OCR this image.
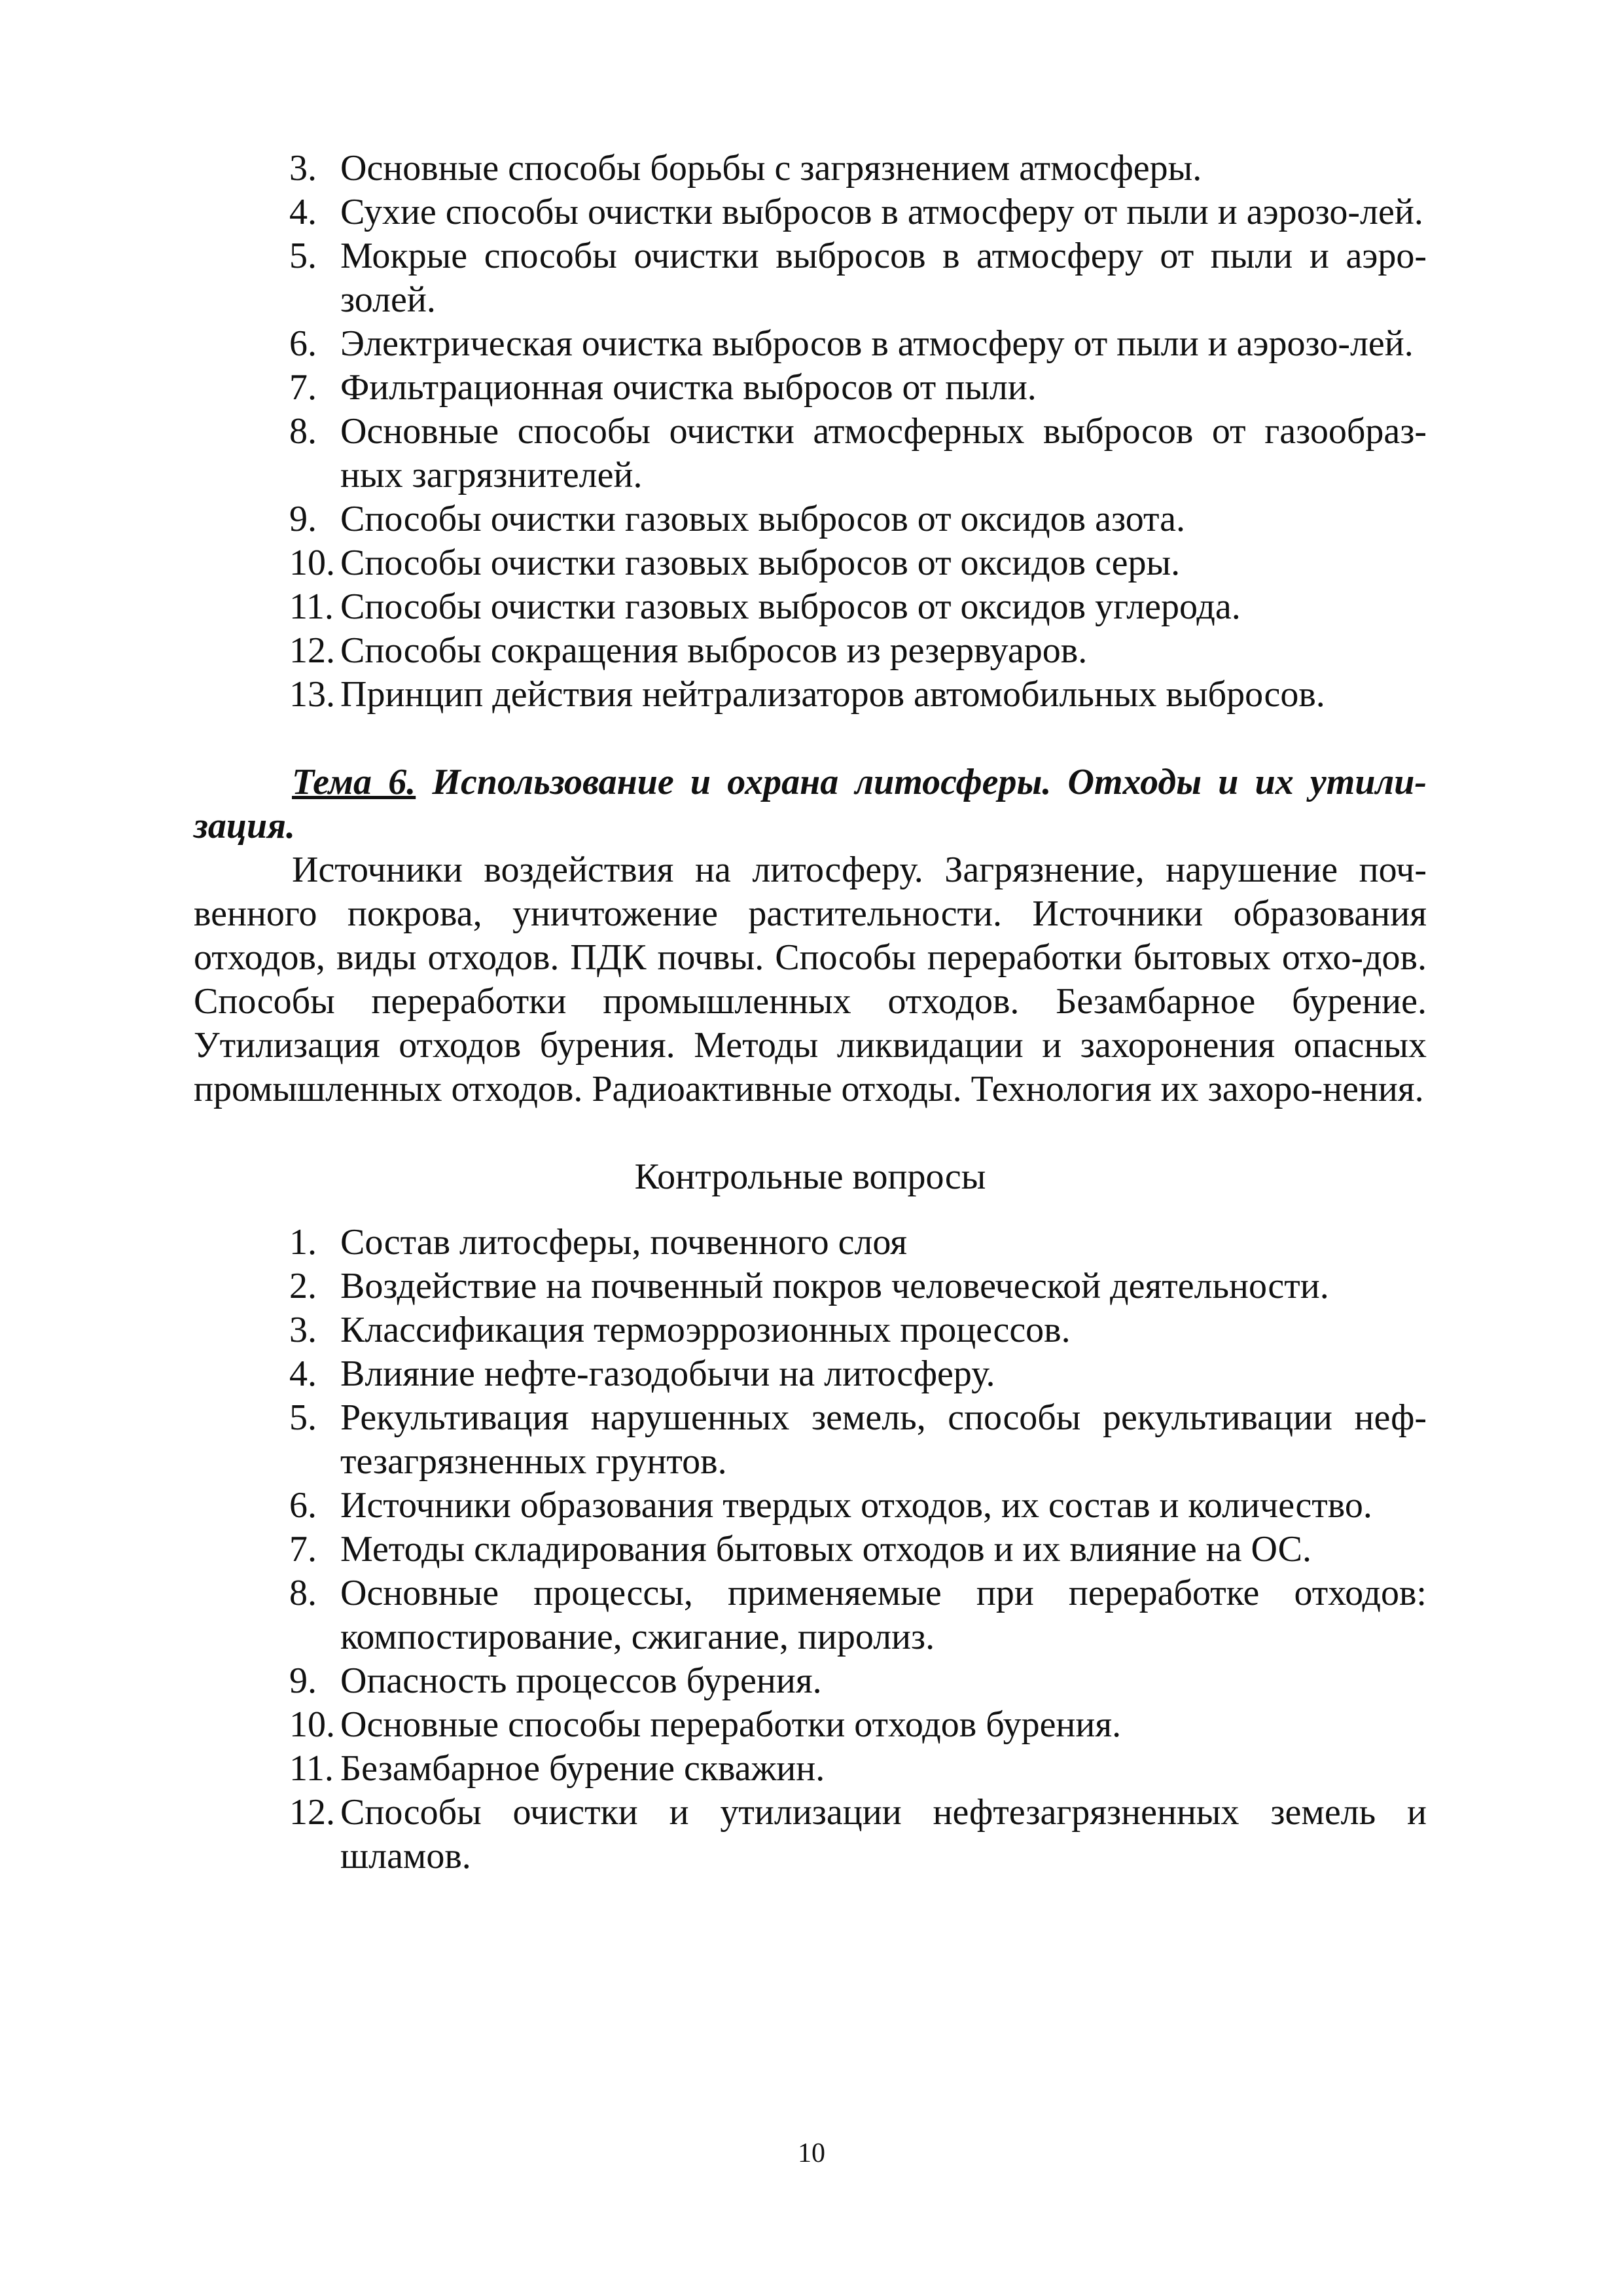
3. Основные способы борьбы с загрязнением атмосферы.
4. Сухие способы очистки выбросов в атмосферу от пыли и аэрозо-лей.
5. Мокрые способы очистки выбросов в атмосферу от пыли и аэро-золей.
6. Электрическая очистка выбросов в атмосферу от пыли и аэрозо-лей.
7. Фильтрационная очистка выбросов от пыли.
8. Основные способы очистки атмосферных выбросов от газообраз-ных загрязнителей.
9. Способы очистки газовых выбросов от оксидов азота.
10. Способы очистки газовых выбросов от оксидов серы.
11. Способы очистки газовых выбросов от оксидов углерода.
12. Способы сокращения выбросов из резервуаров.
13. Принцип действия нейтрализаторов автомобильных выбросов.
Тема 6. Использование и охрана литосферы. Отходы и их утили-зация.
Источники воздействия на литосферу. Загрязнение, нарушение поч-венного покрова, уничтожение растительности. Источники образования отходов, виды отходов. ПДК почвы. Способы переработки бытовых отхо-дов. Способы переработки промышленных отходов. Безамбарное бурение. Утилизация отходов бурения. Методы ликвидации и захоронения опасных промышленных отходов. Радиоактивные отходы. Технология их захоро-нения.
Контрольные вопросы
1. Состав литосферы, почвенного слоя
2. Воздействие на почвенный покров человеческой деятельности.
3. Классификация термоэррозионных процессов.
4. Влияние нефте-газодобычи на литосферу.
5. Рекультивация нарушенных земель, способы рекультивации неф-тезагрязненных грунтов.
6. Источники образования твердых отходов, их состав и количество.
7. Методы складирования бытовых отходов и их влияние на ОС.
8. Основные процессы, применяемые при переработке отходов: компостирование, сжигание, пиролиз.
9. Опасность процессов бурения.
10. Основные способы переработки отходов бурения.
11. Безамбарное бурение скважин.
12. Способы очистки и утилизации нефтезагрязненных земель и шламов.
10
